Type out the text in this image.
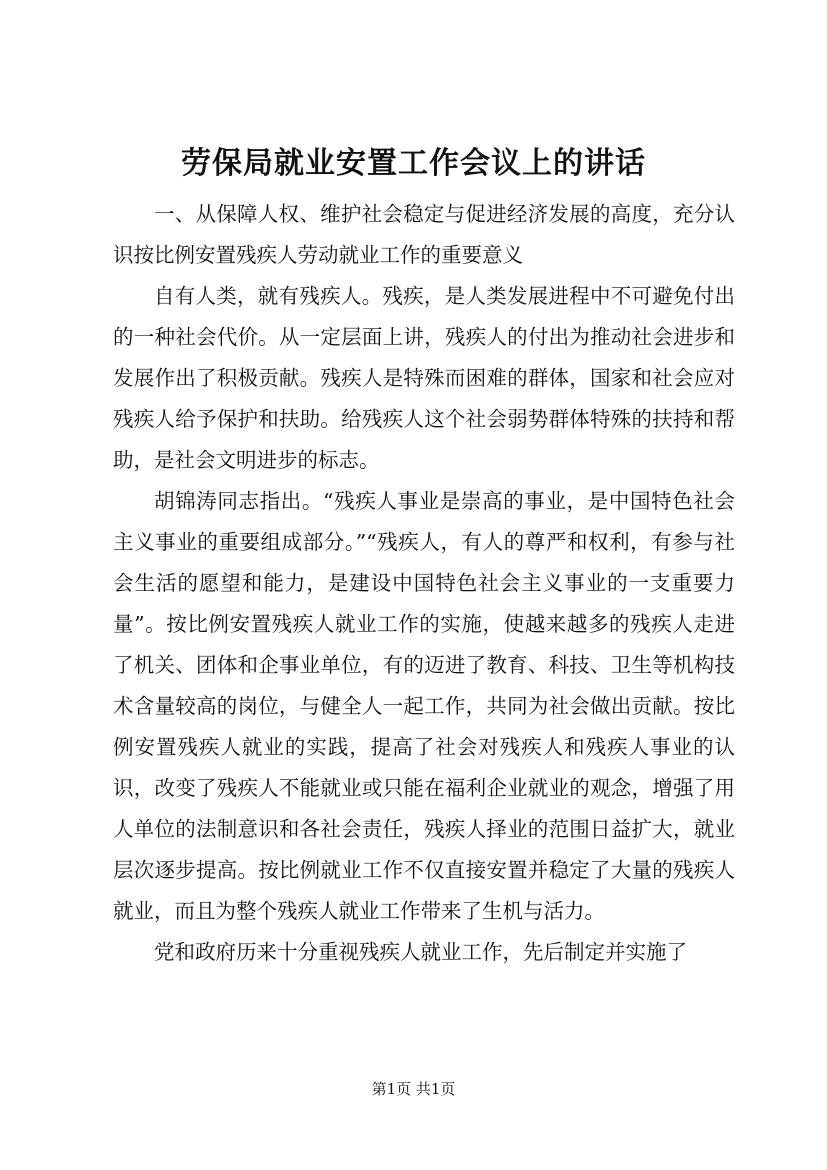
劳保局就业安置工作会议上的讲话

一、从保障人权、维护社会稳定与促进经济发展的高度，充分认识按比例安置残疾人劳动就业工作的重要意义

自有人类，就有残疾人。残疾，是人类发展进程中不可避免付出的一种社会代价。从一定层面上讲，残疾人的付出为推动社会进步和发展作出了积极贡献。残疾人是特殊而困难的群体，国家和社会应对残疾人给予保护和扶助。给残疾人这个社会弱势群体特殊的扶持和帮助，是社会文明进步的标志。

胡锦涛同志指出。“残疾人事业是崇高的事业，是中国特色社会主义事业的重要组成部分。”“残疾人，有人的尊严和权利，有参与社会生活的愿望和能力，是建设中国特色社会主义事业的一支重要力量”。按比例安置残疾人就业工作的实施，使越来越多的残疾人走进了机关、团体和企事业单位，有的迈进了教育、科技、卫生等机构技术含量较高的岗位，与健全人一起工作，共同为社会做出贡献。按比例安置残疾人就业的实践，提高了社会对残疾人和残疾人事业的认识，改变了残疾人不能就业或只能在福利企业就业的观念，增强了用人单位的法制意识和各社会责任，残疾人择业的范围日益扩大，就业层次逐步提高。按比例就业工作不仅直接安置并稳定了大量的残疾人就业，而且为整个残疾人就业工作带来了生机与活力。

党和政府历来十分重视残疾人就业工作，先后制定并实施了

第1页 共1页
